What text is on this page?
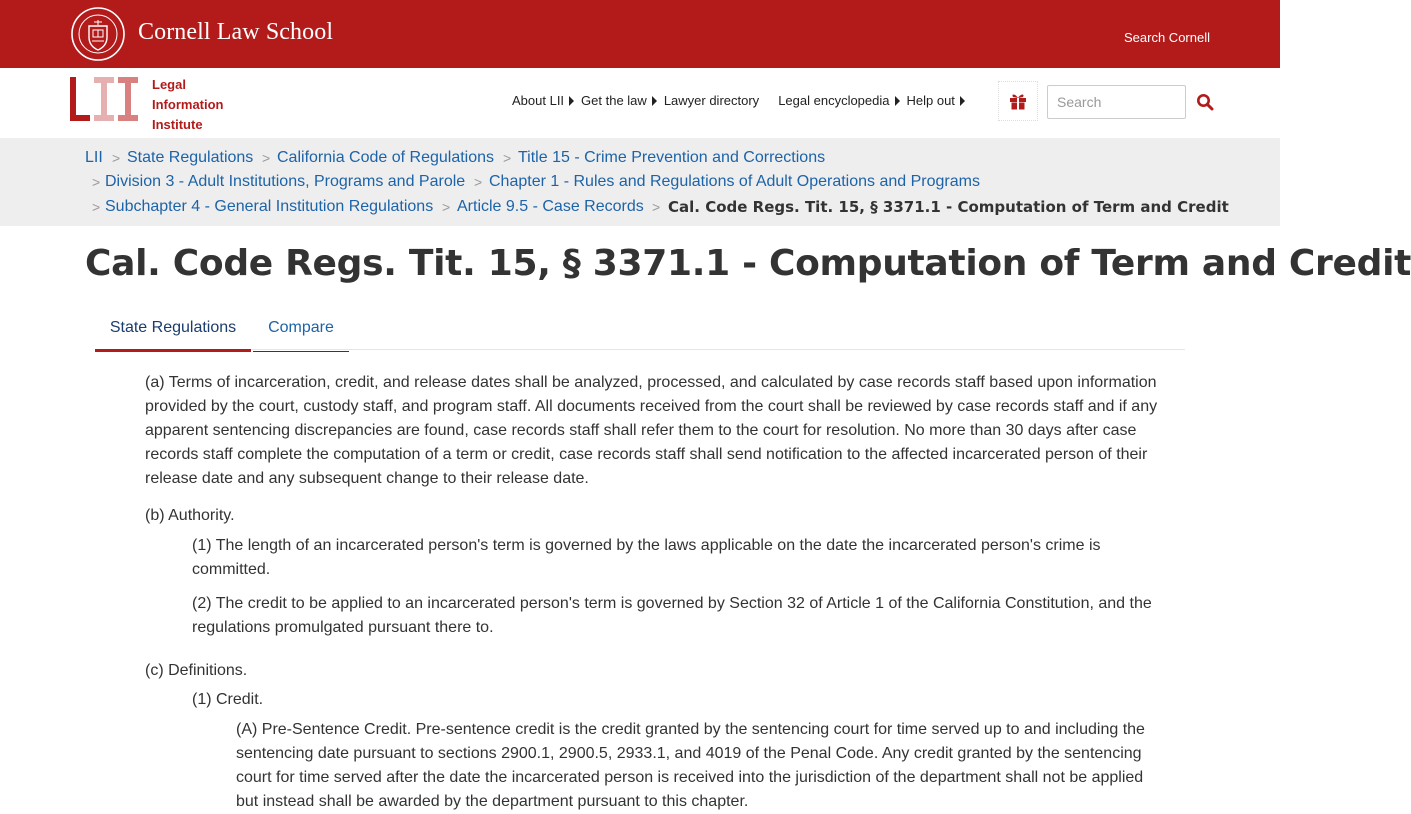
Cornell Law School	Search Cornell
Legal
Information
Institute
About LII Get the law Lawyer directory Legal encyclopedia Help out
Search
LII > State Regulations > California Code of Regulations > Title 15 - Crime Prevention and Corrections
> Division 3 - Adult Institutions, Programs and Parole > Chapter 1 - Rules and Regulations of Adult Operations and Programs
> Subchapter 4 - General Institution Regulations > Article 9.5 - Case Records > Cal. Code Regs. Tit. 15, § 3371.1 - Computation of Term and Credit
Cal. Code Regs. Tit. 15, § 3371.1 - Computation of Term and Credit
State Regulations	Compare

(a) Terms of incarceration, credit, and release dates shall be analyzed, processed, and calculated by case records staff based upon information provided by the court, custody staff, and program staff. All documents received from the court shall be reviewed by case records staff and if any apparent sentencing discrepancies are found, case records staff shall refer them to the court for resolution. No more than 30 days after case records staff complete the computation of a term or credit, case records staff shall send notification to the affected incarcerated person of their release date and any subsequent change to their release date.

(b) Authority.

(1) The length of an incarcerated person's term is governed by the laws applicable on the date the incarcerated person's crime is committed.

(2) The credit to be applied to an incarcerated person's term is governed by Section 32 of Article 1 of the California Constitution, and the regulations promulgated pursuant there to.

(c) Definitions.

(1) Credit.

(A) Pre-Sentence Credit. Pre-sentence credit is the credit granted by the sentencing court for time served up to and including the sentencing date pursuant to sections 2900.1, 2900.5, 2933.1, and 4019 of the Penal Code. Any credit granted by the sentencing court for time served after the date the incarcerated person is received into the jurisdiction of the department shall not be applied but instead shall be awarded by the department pursuant to this chapter.
